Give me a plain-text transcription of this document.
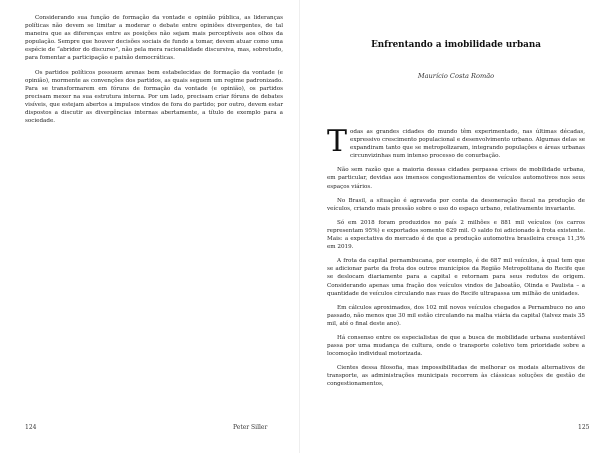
Considerando sua função de formação da vontade e opinião pública, as lideranças políticas não devem se limitar a moderar o debate entre opiniões divergentes, de tal maneira que as diferenças entre as posições não sejam mais perceptíveis aos olhos da população. Sempre que houver decisões sociais de fundo a tomar, devem atuar como uma espécie de “abridor do discurso”, não pela mera racionalidade discursiva, mas, sobretudo, para fomentar a participação e paixão democráticas.

Os partidos políticos possuem arenas bem estabelecidas de formação da vontade (e opinião), mormente as convenções dos partidos, as quais seguem um regime padronizado. Para se transformarem em fóruns de formação da vontade (e opinião), os partidos precisam mexer na sua estrutura interna. Por um lado, precisam criar fóruns de debates visíveis, que estejam abertos a impulsos vindos de fora do partido; por outro, devem estar dispostos a discutir as divergências internas abertamente, a título de exemplo para a sociedade.

124	Peter Siller
Enfrentando a imobilidade urbana
Maurício Costa Romão

Todas as grandes cidades do mundo têm experimentado, nas últimas décadas, expressivo crescimento populacional e desenvolvimento urbano. Algumas delas se expandiram tanto que se metropolizaram, integrando populações e áreas urbanas circunvizinhas num intenso processo de conurbação.

Não sem razão que a maioria dessas cidades perpassa crises de mobilidade urbana, em particular, devidas aos imensos congestionamentos de veículos automotivos nos seus espaços viários.

No Brasil, a situação é agravada por conta da desoneração fiscal na produção de veículos, criando mais pressão sobre o uso do espaço urbano, relativamente invariante.

Só em 2018 foram produzidos no país 2 milhões e 881 mil veículos (os carros representam 95%) e exportados somente 629 mil. O saldo foi adicionado à frota existente. Mais: a expectativa do mercado é de que a produção automotiva brasileira cresça 11,3% em 2019.

A frota da capital pernambucana, por exemplo, é de 687 mil veículos, à qual tem que se adicionar parte da frota dos outros municípios da Região Metropolitana do Recife que se deslocam diariamente para a capital e retornam para seus redutos de origem. Considerando apenas uma fração dos veículos vindos de Jaboatão, Olinda e Paulista – a quantidade de veículos circulando nas ruas do Recife ultrapassa um milhão de unidades.

Em cálculos aproximados, dos 102 mil novos veículos chegados a Pernambuco no ano passado, não menos que 30 mil estão circulando na malha viária da capital (talvez mais 35 mil, até o final deste ano).

Há consenso entre os especialistas de que a busca de mobilidade urbana sustentável passa por uma mudança de cultura, onde o transporte coletivo tem prioridade sobre a locomoção individual motorizada.

Cientes dessa filosofia, mas impossibilitadas de melhorar os modais alternativos de transporte, as administrações municipais recorrem às clássicas soluções de gestão de congestionamentos,

125
